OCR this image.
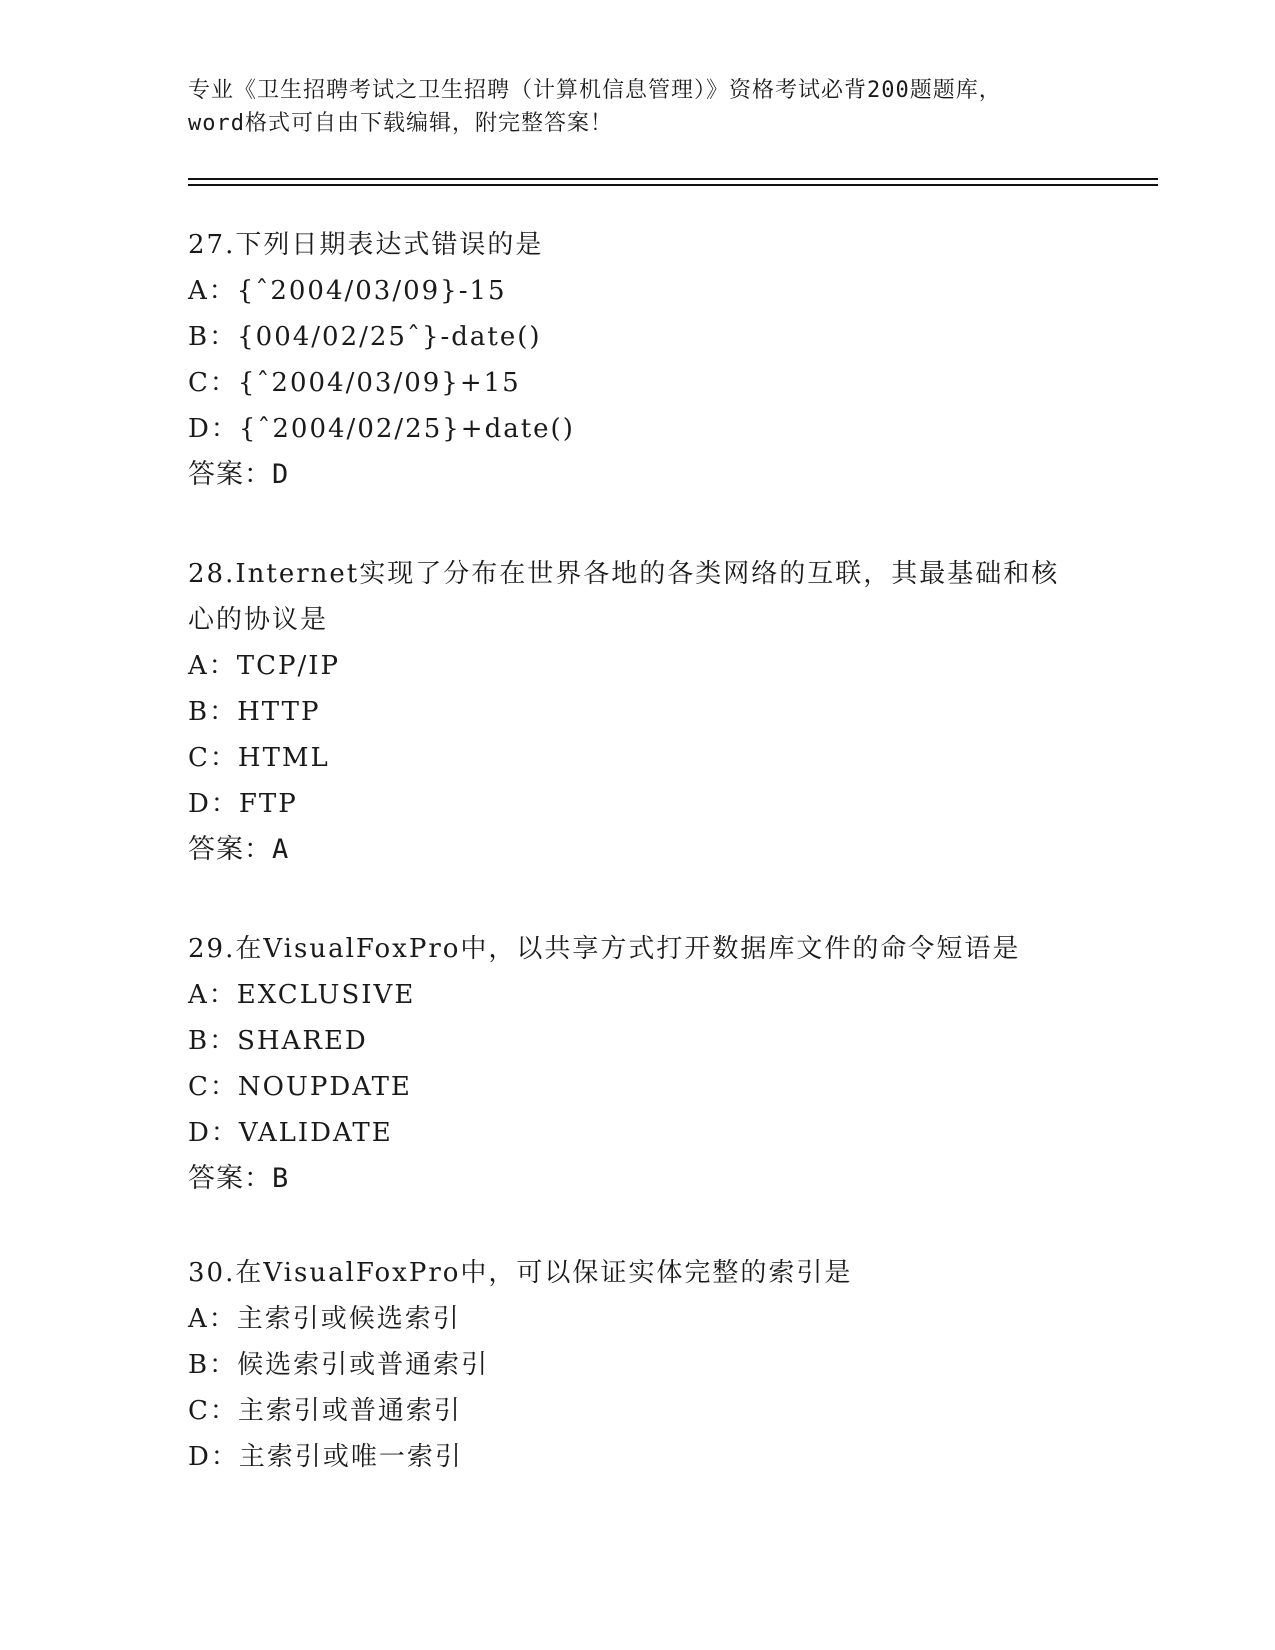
专业《卫生招聘考试之卫生招聘（计算机信息管理）》资格考试必背200题题库，
word格式可自由下载编辑，附完整答案！
27.下列日期表达式错误的是
A：{ˆ2004/03/09}-15
B：{004/02/25ˆ}-date()
C：{ˆ2004/03/09}+15
D：{ˆ2004/02/25}+date()
答案：D
28.Internet实现了分布在世界各地的各类网络的互联，其最基础和核
心的协议是
A：TCP/IP
B：HTTP
C：HTML
D：FTP
答案：A
29.在VisualFoxPro中，以共享方式打开数据库文件的命令短语是
A：EXCLUSIVE
B：SHARED
C：NOUPDATE
D：VALIDATE
答案：B
30.在VisualFoxPro中，可以保证实体完整的索引是
A：主索引或候选索引
B：候选索引或普通索引
C：主索引或普通索引
D：主索引或唯一索引
